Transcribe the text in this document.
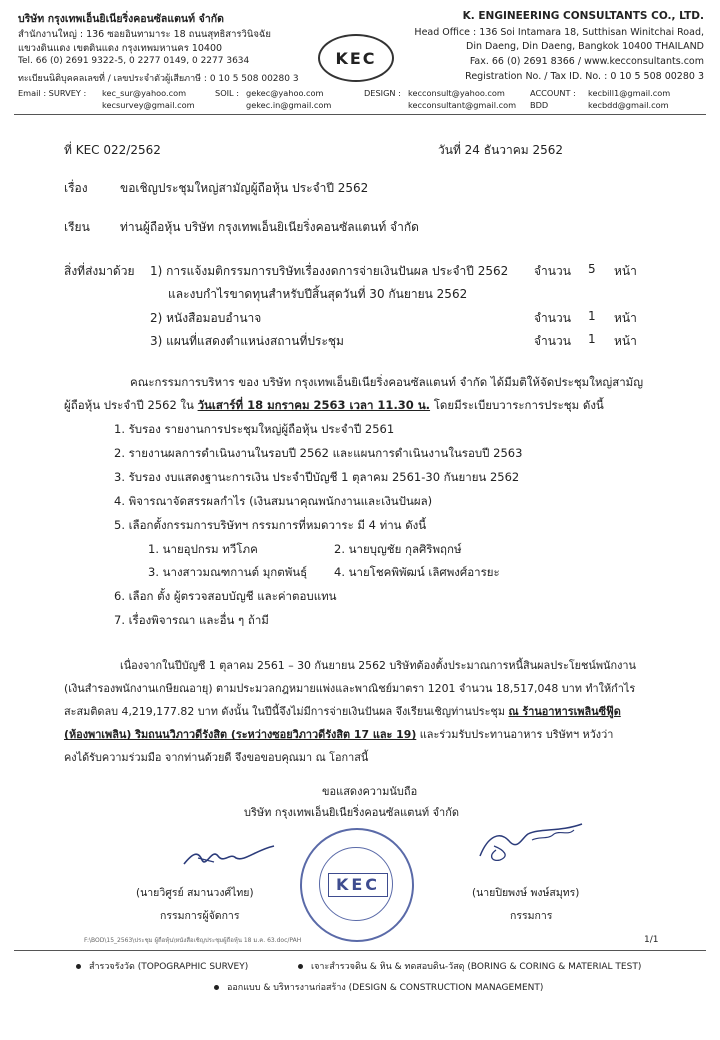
บริษัท กรุงเทพเอ็นยิเนียริ่งคอนซัลแตนท์ จำกัด
สำนักงานใหญ่ : 136 ซอยอินทามาระ 18 ถนนสุทธิสารวินิจฉัย
แขวงดินแดง เขตดินแดง กรุงเทพมหานคร 10400
Tel. 66 (0) 2691 9322-5, 0 2277 0149, 0 2277 3634
ทะเบียนนิติบุคคลเลขที่ / เลขประจำตัวผู้เสียภาษี : 0 10 5 508 00280 3
KEC
K. ENGINEERING CONSULTANTS CO., LTD.
Head Office : 136 Soi Intamara 18, Sutthisan Winitchai Road,
Din Daeng, Din Daeng, Bangkok 10400 THAILAND
Fax. 66 (0) 2691 8366 / www.kecconsultants.com
Registration No. / Tax ID. No. : 0 10 5 508 00280 3
Email : SURVEY : kec_sur@yahoo.com
kecsurvey@gmail.com
SOIL : gekec@yahoo.com
gekec.in@gmail.com
DESIGN : kecconsult@yahoo.com
kecconsultant@gmail.com
ACCOUNT : kecbill1@gmail.com
BDD	kecbdd@gmail.com
ที่ KEC 022/2562	วันที่ 24 ธันวาคม 2562
เรื่อง	ขอเชิญประชุมใหญ่สามัญผู้ถือหุ้น ประจำปี 2562
เรียน	ท่านผู้ถือหุ้น บริษัท กรุงเทพเอ็นยิเนียริ่งคอนซัลแตนท์ จำกัด
สิ่งที่ส่งมาด้วย 1) การแจ้งมติกรรมการบริษัทเรื่องงดการจ่ายเงินปันผล ประจำปี 2562 จำนวน 5 หน้า
และงบกำไรขาดทุนสำหรับปีสิ้นสุดวันที่ 30 กันยายน 2562
2) หนังสือมอบอำนาจ	จำนวน 1 หน้า
3) แผนที่แสดงตำแหน่งสถานที่ประชุม	จำนวน 1 หน้า
คณะกรรมการบริหาร ของ บริษัท กรุงเทพเอ็นยิเนียริ่งคอนซัลแตนท์ จำกัด ได้มีมติให้จัดประชุมใหญ่สามัญ
ผู้ถือหุ้น ประจำปี 2562 ใน วันเสาร์ที่ 18 มกราคม 2563 เวลา 11.30 น. โดยมีระเบียบวาระการประชุม ดังนี้
1. รับรอง รายงานการประชุมใหญ่ผู้ถือหุ้น ประจำปี 2561
2. รายงานผลการดำเนินงานในรอบปี 2562 และแผนการดำเนินงานในรอบปี 2563
3. รับรอง งบแสดงฐานะการเงิน ประจำปีบัญชี 1 ตุลาคม 2561-30 กันยายน 2562
4. พิจารณาจัดสรรผลกำไร (เงินสมนาคุณพนักงานและเงินปันผล)
5. เลือกตั้งกรรมการบริษัทฯ กรรมการที่หมดวาระ มี 4 ท่าน ดังนี้
1. นายอุปกรม ทวีโภค	2. นายบุญชัย กุลศิริพฤกษ์
3. นางสาวมณฑกานต์ มุกตพันธุ์ 4. นายโชคพิพัฒน์ เลิศพงศ์อารยะ
6. เลือก ตั้ง ผู้ตรวจสอบบัญชี และค่าตอบแทน
7. เรื่องพิจารณา และอื่น ๆ ถ้ามี
เนื่องจากในปีบัญชี 1 ตุลาคม 2561 – 30 กันยายน 2562 บริษัทต้องตั้งประมาณการหนี้สินผลประโยชน์พนักงาน
(เงินสำรองพนักงานเกษียณอายุ) ตามประมวลกฎหมายแพ่งและพาณิชย์มาตรา 1201 จำนวน 18,517,048 บาท ทำให้กำไร
สะสมติดลบ 4,219,177.82 บาท ดังนั้น ในปีนี้จึงไม่มีการจ่ายเงินปันผล จึงเรียนเชิญท่านประชุม ณ ร้านอาหารเพลินซีฟู๊ด
(ห้องพาเพลิน) ริมถนนวิภาวดีรังสิต (ระหว่างซอยวิภาวดีรังสิต 17 และ 19) และร่วมรับประทานอาหาร บริษัทฯ หวังว่า
คงได้รับความร่วมมือ จากท่านด้วยดี จึงขอขอบคุณมา ณ โอกาสนี้
ขอแสดงความนับถือ
บริษัท กรุงเทพเอ็นยิเนียริ่งคอนซัลแตนท์ จำกัด
KEC
(นายวิศูรย์ สมานวงศ์ไทย)
กรรมการผู้จัดการ
(นายปิยพงษ์ พงษ์สมุทร)
กรรมการ
F:\BOD\15_2563\ประชุม ผู้ถือหุ้น\หนังสือเชิญประชุมผู้ถือหุ้น 18 ม.ค. 63.doc/PAH	1/1
สำรวจรังวัด (TOPOGRAPHIC SURVEY)	เจาะสำรวจดิน & หิน & ทดสอบดิน-วัสดุ (BORING & CORING & MATERIAL TEST)
ออกแบบ & บริหารงานก่อสร้าง (DESIGN & CONSTRUCTION MANAGEMENT)
